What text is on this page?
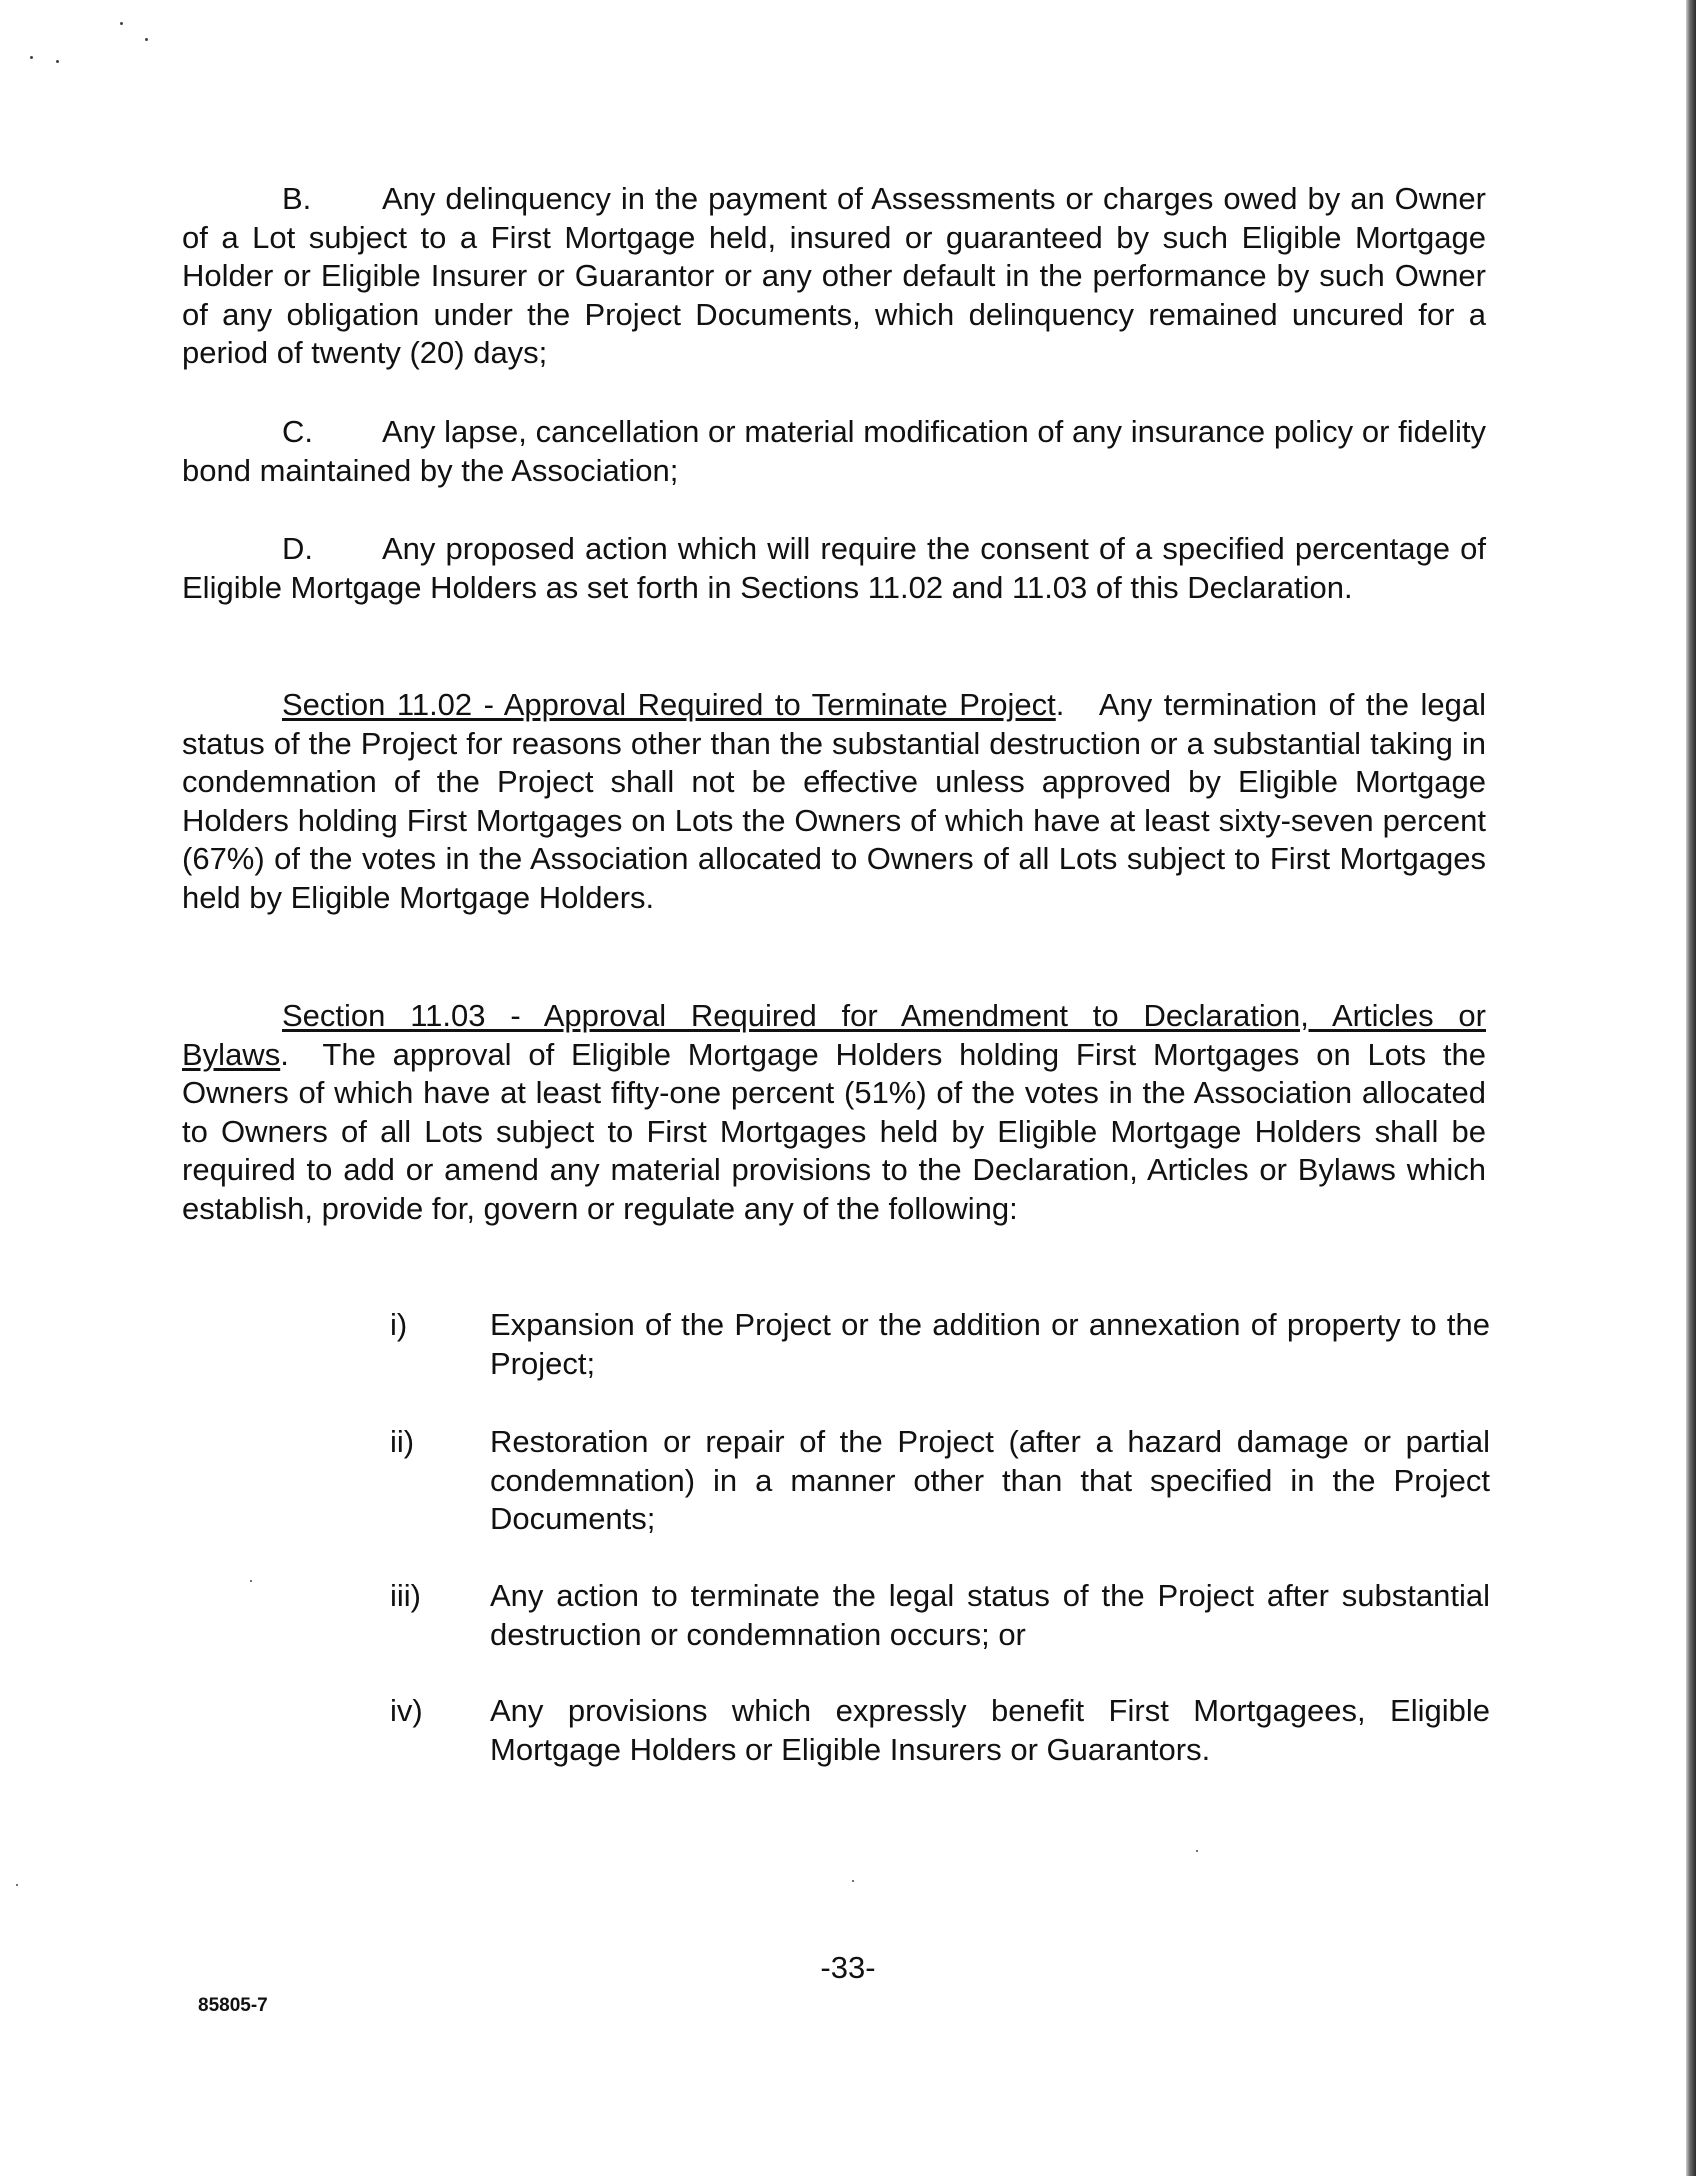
B. Any delinquency in the payment of Assessments or charges owed by an Owner of a Lot subject to a First Mortgage held, insured or guaranteed by such Eligible Mortgage Holder or Eligible Insurer or Guarantor or any other default in the performance by such Owner of any obligation under the Project Documents, which delinquency remained uncured for a period of twenty (20) days;
C. Any lapse, cancellation or material modification of any insurance policy or fidelity bond maintained by the Association;
D. Any proposed action which will require the consent of a specified percentage of Eligible Mortgage Holders as set forth in Sections 11.02 and 11.03 of this Declaration.
Section 11.02 - Approval Required to Terminate Project.   Any termination of the legal status of the Project for reasons other than the substantial destruction or a substantial taking in condemnation of the Project shall not be effective unless approved by Eligible Mortgage Holders holding First Mortgages on Lots the Owners of which have at least sixty-seven percent (67%) of the votes in the Association allocated to Owners of all Lots subject to First Mortgages held by Eligible Mortgage Holders.
Section 11.03 - Approval Required for Amendment to Declaration, Articles or Bylaws.  The approval of Eligible Mortgage Holders holding First Mortgages on Lots the Owners of which have at least fifty-one percent (51%) of the votes in the Association allocated to Owners of all Lots subject to First Mortgages held by Eligible Mortgage Holders shall be required to add or amend any material provisions to the Declaration, Articles or Bylaws which establish, provide for, govern or regulate any of the following:
i)	Expansion of the Project or the addition or annexation of property to the Project;
ii)	Restoration or repair of the Project (after a hazard damage or partial condemnation) in a manner other than that specified in the Project Documents;
iii)	Any action to terminate the legal status of the Project after substantial destruction or condemnation occurs; or
iv)	Any provisions which expressly benefit First Mortgagees, Eligible Mortgage Holders or Eligible Insurers or Guarantors.
-33-
85805-7
